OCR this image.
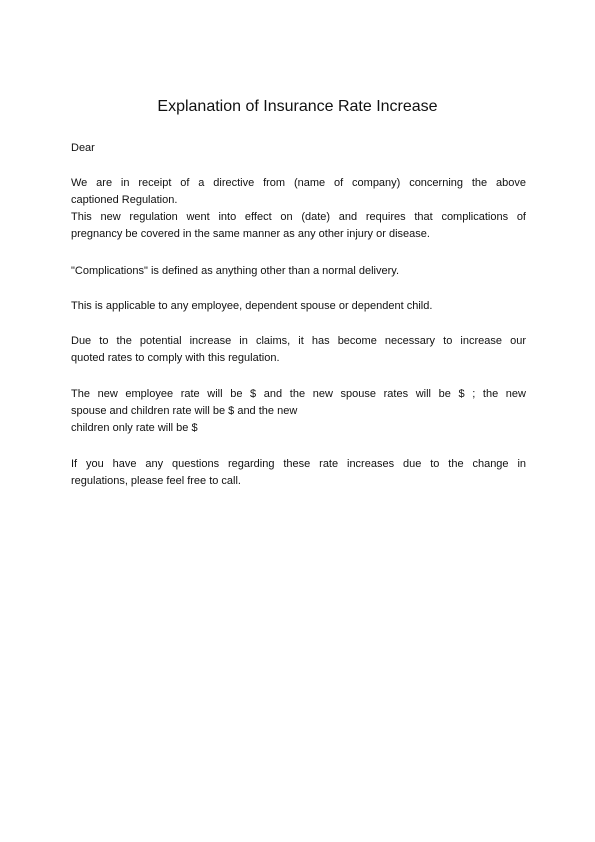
Explanation of Insurance Rate Increase
Dear
We are in receipt of a directive from (name of company) concerning the above
captioned Regulation.
This new regulation went into effect on (date) and requires that complications of
pregnancy be covered in the same manner as any other injury or disease.
"Complications" is defined as anything other than a normal delivery.
This is applicable to any employee, dependent spouse or dependent child.
Due to the potential increase in claims, it has become necessary to increase our
quoted rates to comply with this regulation.
The new employee rate will be $ and the new spouse rates will be $ ; the new
spouse and children rate will be $ and the new
children only rate will be $
If you have any questions regarding these rate increases due to the change in
regulations, please feel free to call.
